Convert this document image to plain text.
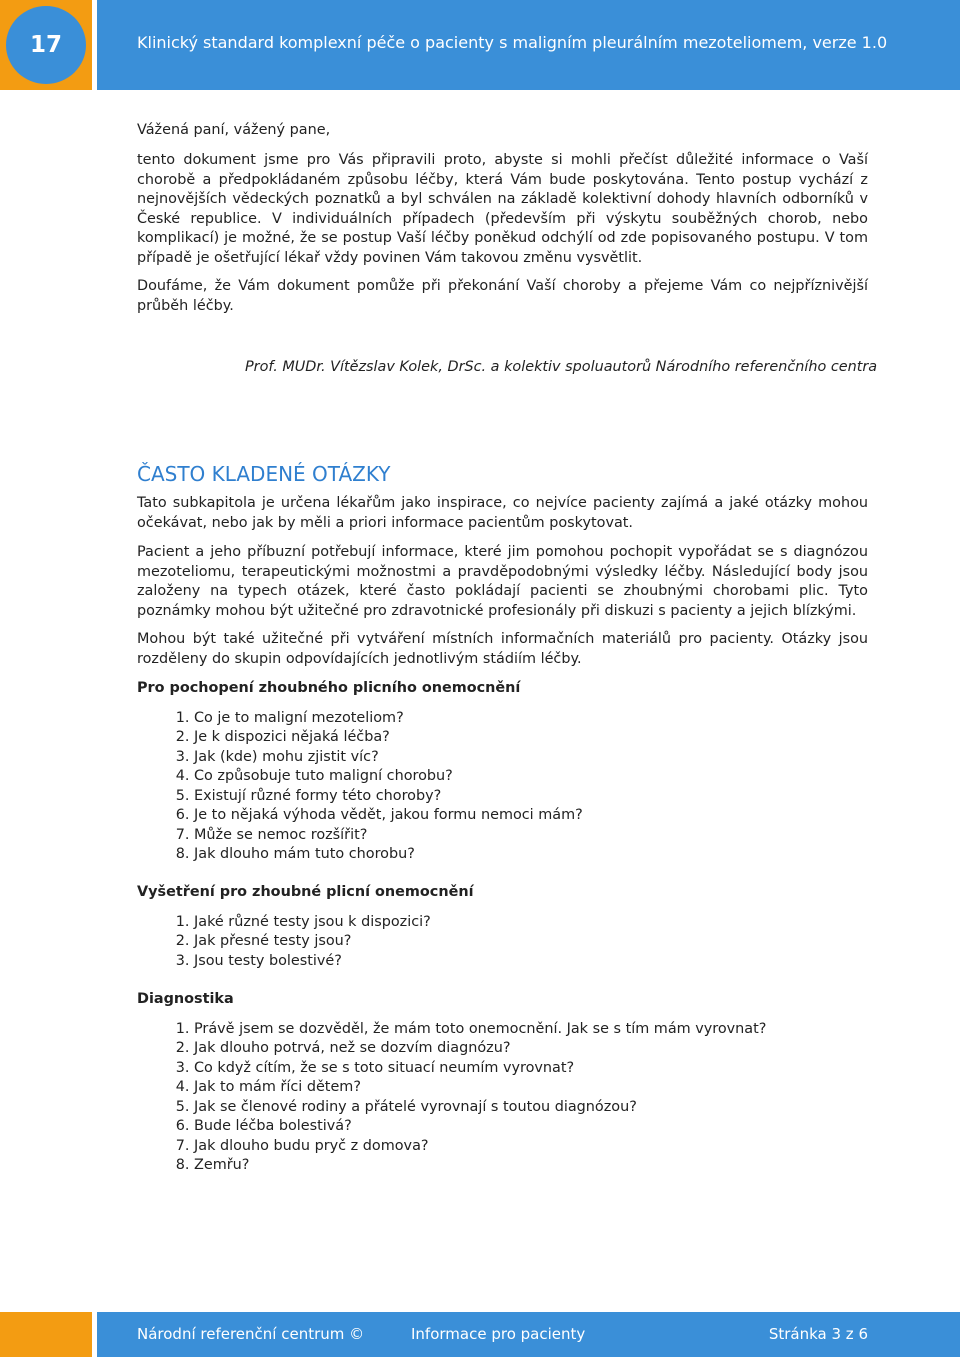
17	Klinický standard komplexní péče o pacienty s maligním pleurálním mezoteliomem, verze 1.0

Vážená paní, vážený pane,

tento dokument jsme pro Vás připravili proto, abyste si mohli přečíst důležité informace o Vaší chorobě a předpokládaném způsobu léčby, která Vám bude poskytována. Tento postup vychází z nejnovějších vědeckých poznatků a byl schválen na základě kolektivní dohody hlavních odborníků v České republice. V individuálních případech (především při výskytu souběžných chorob, nebo komplikací) je možné, že se postup Vaší léčby poněkud odchýlí od zde popisovaného postupu. V tom případě je ošetřující lékař vždy povinen Vám takovou změnu vysvětlit.

Doufáme, že Vám dokument pomůže při překonání Vaší choroby a přejeme Vám co nejpříznivější průběh léčby.

Prof. MUDr. Vítězslav Kolek, DrSc. a kolektiv spoluautorů Národního referenčního centra
ČASTO KLADENÉ OTÁZKY

Tato subkapitola je určena lékařům jako inspirace, co nejvíce pacienty zajímá a jaké otázky mohou očekávat, nebo jak by měli a priori informace pacientům poskytovat.

Pacient a jeho příbuzní potřebují informace, které jim pomohou pochopit vypořádat se s diagnózou mezoteliomu, terapeutickými možnostmi a pravděpodobnými výsledky léčby. Následující body jsou založeny na typech otázek, které často pokládají pacienti se zhoubnými chorobami plic. Tyto poznámky mohou být užitečné pro zdravotnické profesionály při diskuzi s pacienty a jejich blízkými.

Mohou být také užitečné při vytváření místních informačních materiálů pro pacienty. Otázky jsou rozděleny do skupin odpovídajících jednotlivým stádiím léčby.

Pro pochopení zhoubného plicního onemocnění

1. Co je to maligní mezoteliom?
2. Je k dispozici nějaká léčba?
3. Jak (kde) mohu zjistit víc?
4. Co způsobuje tuto maligní chorobu?
5. Existují různé formy této choroby?
6. Je to nějaká výhoda vědět, jakou formu nemoci mám?
7. Může se nemoc rozšířit?
8. Jak dlouho mám tuto chorobu?

Vyšetření pro zhoubné plicní onemocnění

1. Jaké různé testy jsou k dispozici?
2. Jak přesné testy jsou?
3. Jsou testy bolestivé?

Diagnostika

1. Právě jsem se dozvěděl, že mám toto onemocnění. Jak se s tím mám vyrovnat?
2. Jak dlouho potrvá, než se dozvím diagnózu?
3. Co když cítím, že se s toto situací neumím vyrovnat?
4. Jak to mám říci dětem?
5. Jak se členové rodiny a přátelé vyrovnají s toutou diagnózou?
6. Bude léčba bolestivá?
7. Jak dlouho budu pryč z domova?
8. Zemřu?
Národní referenční centrum ©	Informace pro pacienty	Stránka 3 z 6
